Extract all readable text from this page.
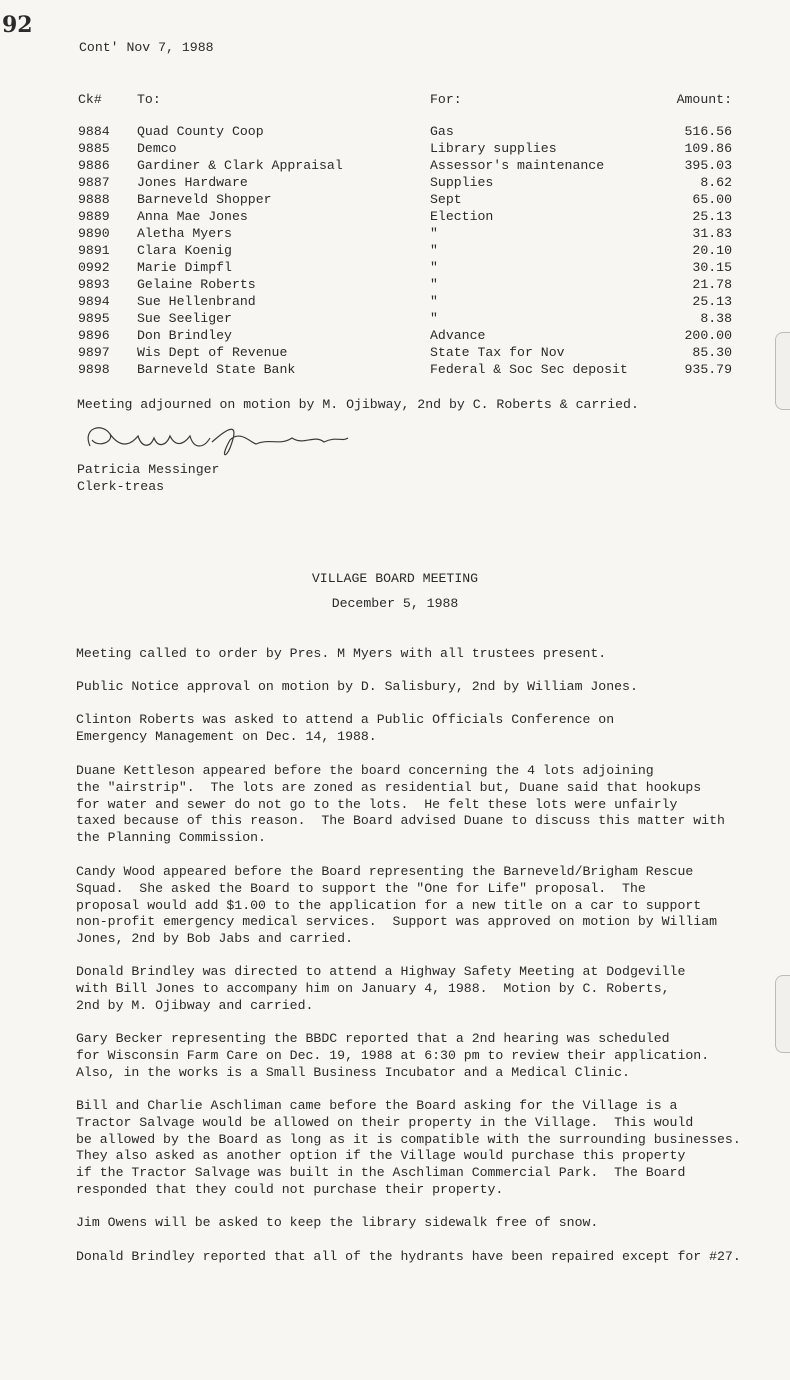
92
Cont' Nov 7, 1988
Ck#	To:	For:	Amount:
9884 Quad County Coop	Gas	516.56
9885 Demco	Library supplies	109.86
9886 Gardiner & Clark Appraisal	Assessor's maintenance	395.03
9887 Jones Hardware	Supplies	8.62
9888 Barneveld Shopper	Sept	65.00
9889 Anna Mae Jones	Election	25.13
9890 Aletha Myers	"	31.83
9891 Clara Koenig	"	20.10
0992 Marie Dimpfl	"	30.15
9893 Gelaine Roberts	"	21.78
9894 Sue Hellenbrand	"	25.13
9895 Sue Seeliger	"	8.38
9896 Don Brindley	Advance	200.00
9897 Wis Dept of Revenue	State Tax for Nov	85.30
9898 Barneveld State Bank	Federal & Soc Sec deposit	935.79
Meeting adjourned on motion by M. Ojibway, 2nd by C. Roberts & carried.
Patricia Messinger
Clerk-treas
VILLAGE BOARD MEETING
December 5, 1988

Meeting called to order by Pres. M Myers with all trustees present.

Public Notice approval on motion by D. Salisbury, 2nd by William Jones.

Clinton Roberts was asked to attend a Public Officials Conference on

Emergency Management on Dec. 14, 1988.

Duane Kettleson appeared before the board concerning the 4 lots adjoining

the "airstrip".  The lots are zoned as residential but, Duane said that hookups

for water and sewer do not go to the lots.  He felt these lots were unfairly

taxed because of this reason.  The Board advised Duane to discuss this matter with

the Planning Commission.

Candy Wood appeared before the Board representing the Barneveld/Brigham Rescue

Squad.  She asked the Board to support the "One for Life" proposal.  The

proposal would add $1.00 to the application for a new title on a car to support

non-profit emergency medical services.  Support was approved on motion by William

Jones, 2nd by Bob Jabs and carried.

Donald Brindley was directed to attend a Highway Safety Meeting at Dodgeville

with Bill Jones to accompany him on January 4, 1988.  Motion by C. Roberts,

2nd by M. Ojibway and carried.

Gary Becker representing the BBDC reported that a 2nd hearing was scheduled

for Wisconsin Farm Care on Dec. 19, 1988 at 6:30 pm to review their application.

Also, in the works is a Small Business Incubator and a Medical Clinic.

Bill and Charlie Aschliman came before the Board asking for the Village is a

Tractor Salvage would be allowed on their property in the Village.  This would

be allowed by the Board as long as it is compatible with the surrounding businesses.

They also asked as another option if the Village would purchase this property

if the Tractor Salvage was built in the Aschliman Commercial Park.  The Board

responded that they could not purchase their property.

Jim Owens will be asked to keep the library sidewalk free of snow.

Donald Brindley reported that all of the hydrants have been repaired except for #27.
